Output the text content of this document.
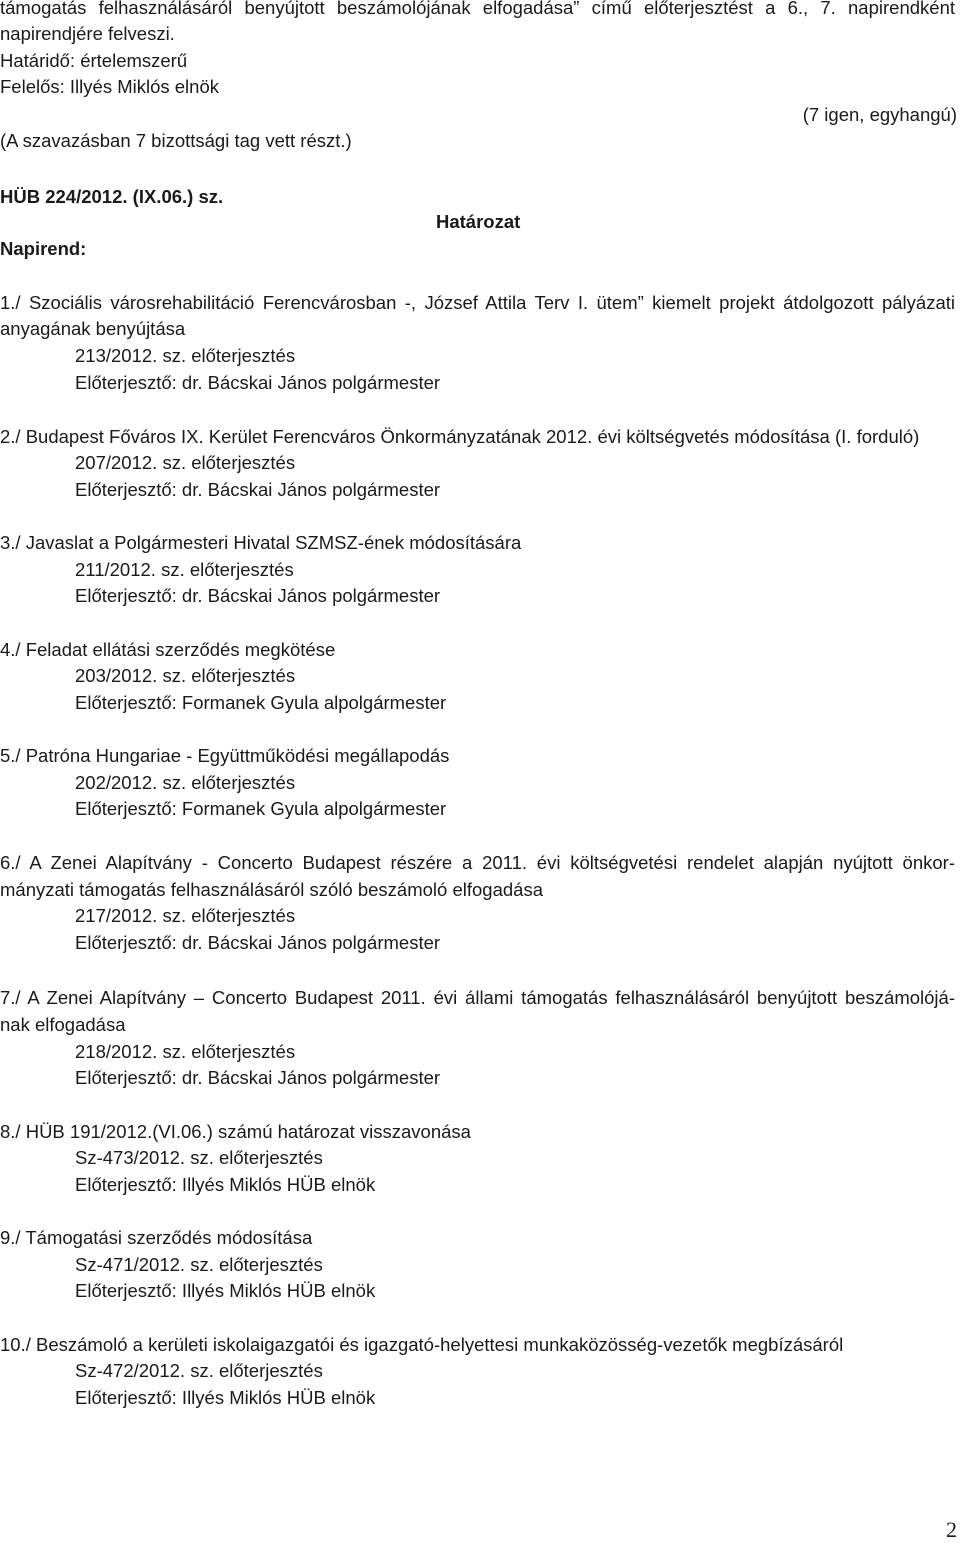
támogatás felhasználásáról benyújtott beszámolójának elfogadása” című előterjesztést a 6., 7. napirendként
napirendjére felveszi.
Határidő: értelemszerű
Felelős: Illyés Miklós elnök
(7 igen, egyhangú)
(A szavazásban 7 bizottsági tag vett részt.)
HÜB 224/2012. (IX.06.) sz.
Határozat
Napirend:
1./ Szociális városrehabilitáció Ferencvárosban -, József Attila Terv I. ütem” kiemelt projekt átdolgozott pályázati
anyagának benyújtása
213/2012. sz. előterjesztés
Előterjesztő: dr. Bácskai János polgármester
2./ Budapest Főváros IX. Kerület Ferencváros Önkormányzatának 2012. évi költségvetés módosítása (I. forduló)
207/2012. sz. előterjesztés
Előterjesztő: dr. Bácskai János polgármester
3./ Javaslat a Polgármesteri Hivatal SZMSZ-ének módosítására
211/2012. sz. előterjesztés
Előterjesztő: dr. Bácskai János polgármester
4./ Feladat ellátási szerződés megkötése
203/2012. sz. előterjesztés
Előterjesztő: Formanek Gyula alpolgármester
5./ Patróna Hungariae - Együttműködési megállapodás
202/2012. sz. előterjesztés
Előterjesztő: Formanek Gyula alpolgármester
6./ A Zenei Alapítvány - Concerto Budapest részére a 2011. évi költségvetési rendelet alapján nyújtott önkor-
mányzati támogatás felhasználásáról szóló beszámoló elfogadása
217/2012. sz. előterjesztés
Előterjesztő: dr. Bácskai János polgármester
7./ A Zenei Alapítvány – Concerto Budapest 2011. évi állami támogatás felhasználásáról benyújtott beszámolójá-
nak elfogadása
218/2012. sz. előterjesztés
Előterjesztő: dr. Bácskai János polgármester
8./ HÜB 191/2012.(VI.06.) számú határozat visszavonása
Sz-473/2012. sz. előterjesztés
Előterjesztő: Illyés Miklós HÜB elnök
9./ Támogatási szerződés módosítása
Sz-471/2012. sz. előterjesztés
Előterjesztő: Illyés Miklós HÜB elnök
10./ Beszámoló a kerületi iskolaigazgatói és igazgató-helyettesi munkaközösség-vezetők megbízásáról
Sz-472/2012. sz. előterjesztés
Előterjesztő: Illyés Miklós HÜB elnök
2
